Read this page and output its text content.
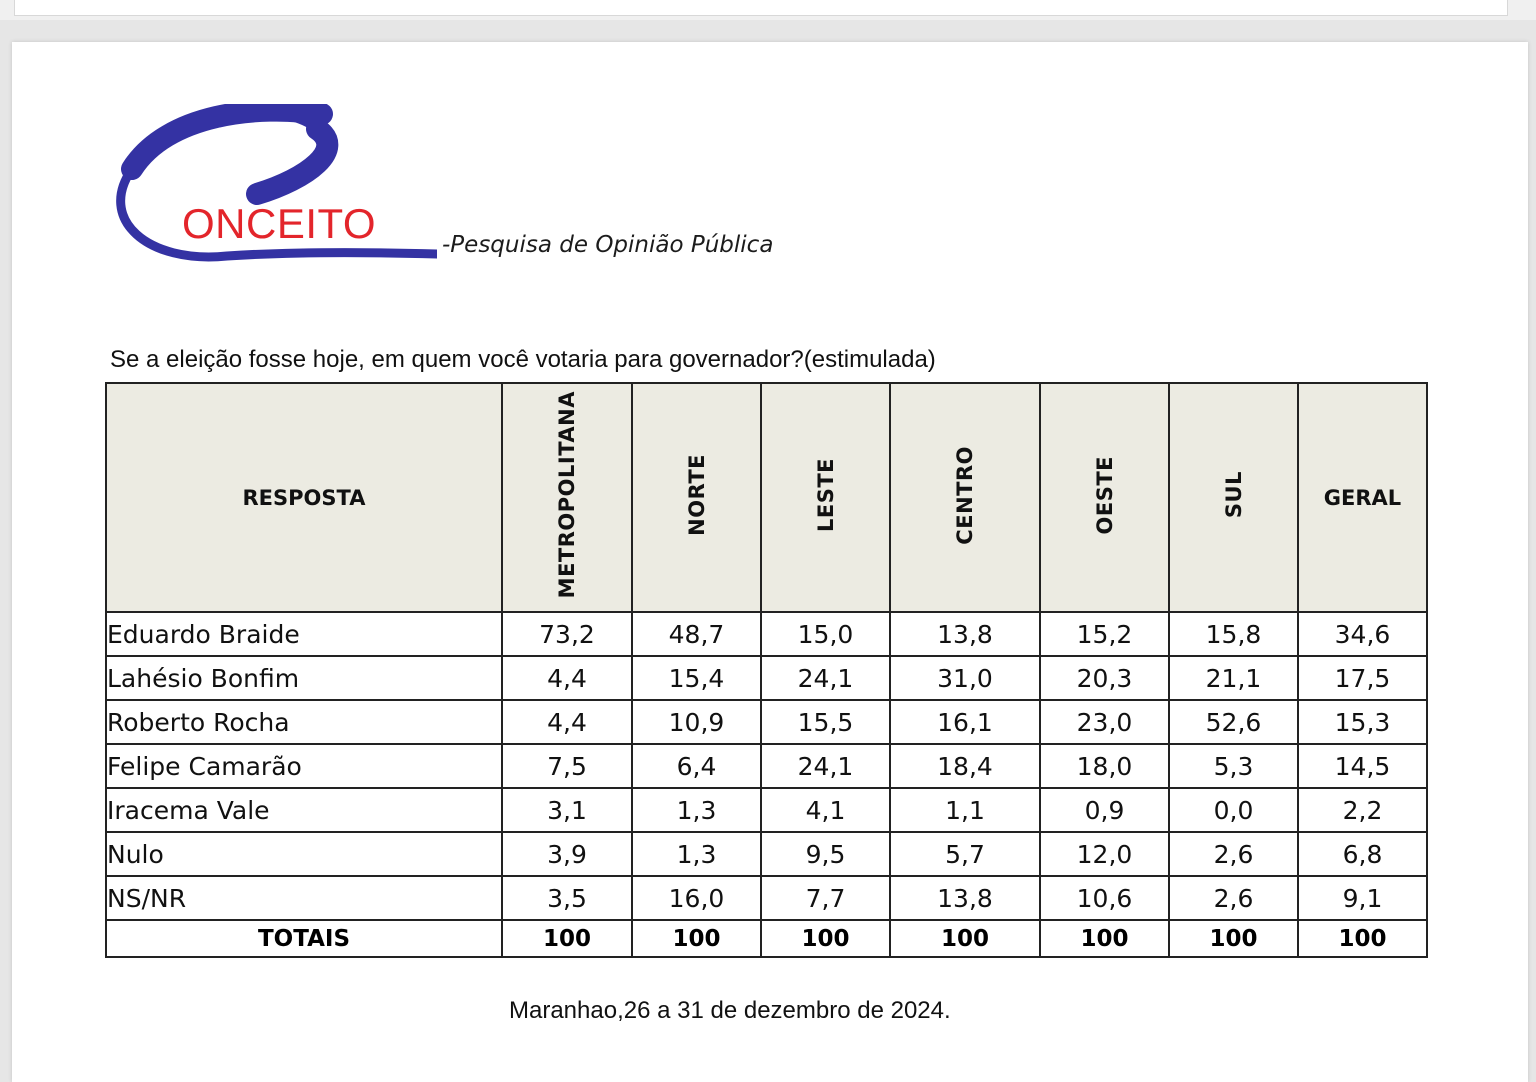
ONCEITO	-Pesquisa de Opinião Pública
Se a eleição fosse hoje, em quem você votaria para governador?(estimulada)
RESPOSTA	METROPOLITANA	NORTE	LESTE	CENTRO	OESTE	SUL	GERAL
Eduardo Braide	73,2	48,7	15,0	13,8	15,2	15,8	34,6
Lahésio Bonfim	4,4	15,4	24,1	31,0	20,3	21,1	17,5
Roberto Rocha	4,4	10,9	15,5	16,1	23,0	52,6	15,3
Felipe Camarão	7,5	6,4	24,1	18,4	18,0	5,3	14,5
Iracema Vale	3,1	1,3	4,1	1,1	0,9	0,0	2,2
Nulo	3,9	1,3	9,5	5,7	12,0	2,6	6,8
NS/NR	3,5	16,0	7,7	13,8	10,6	2,6	9,1
TOTAIS	100	100	100	100	100	100	100
Maranhao,26 a 31 de dezembro de 2024.
